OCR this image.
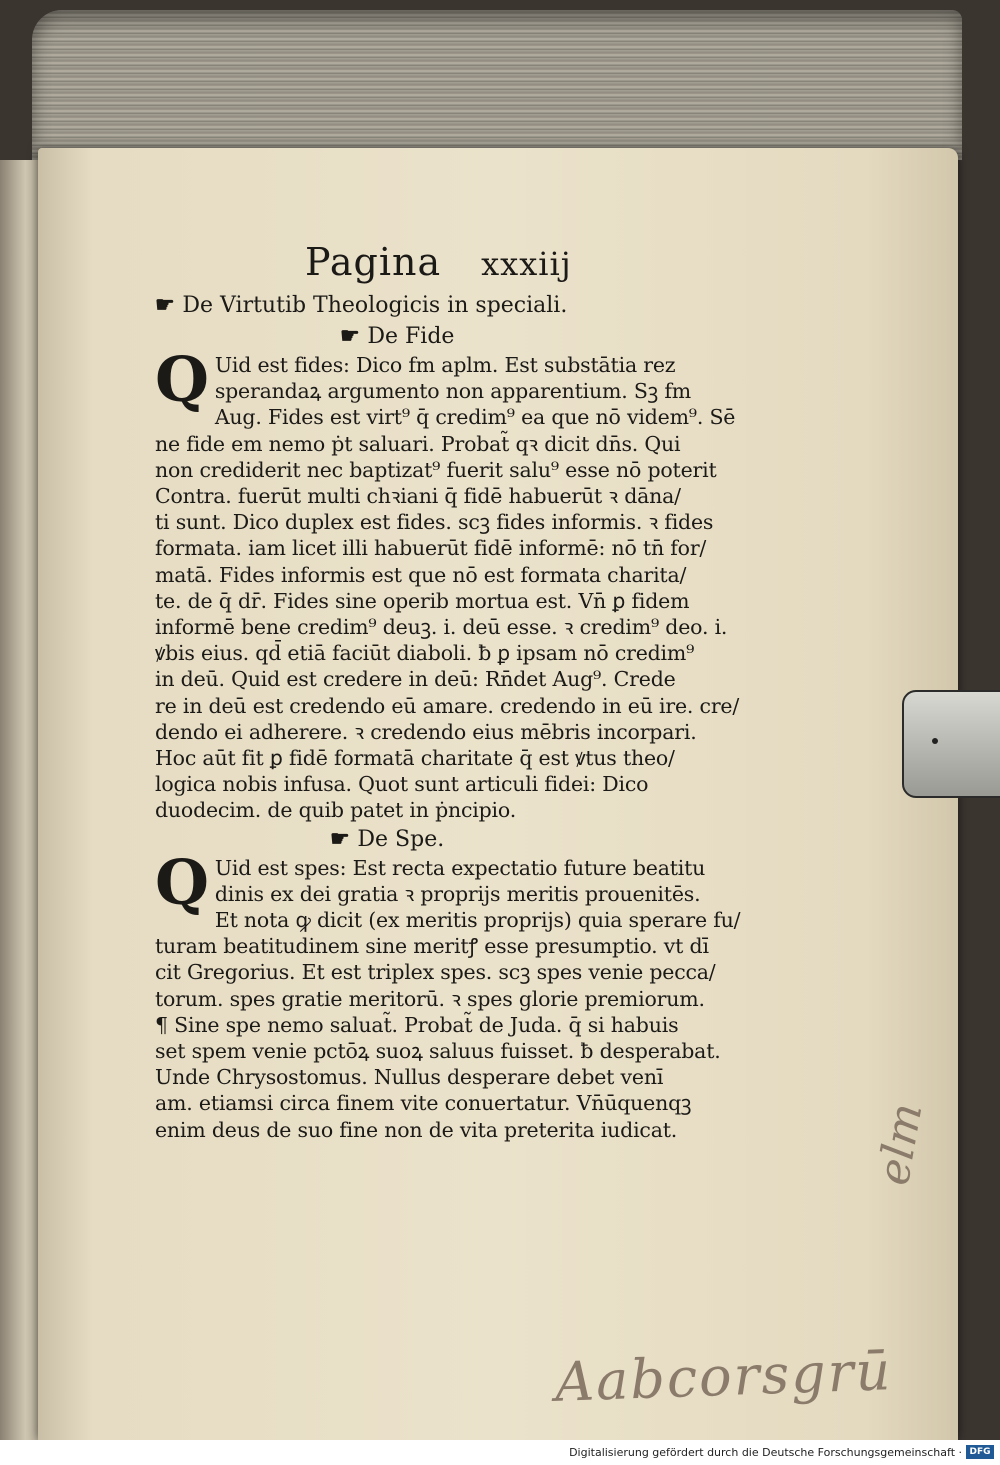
Pagina xxxiij
☛ De Virtutib Theologicis in speciali.
☛ De Fide
Q Uid est fides: Dico fm aplm. Est substātia rez
sperandaꝝ argumento non apparentium. Sꝫ fm
Aug. Fides est virt⁹ q̄ credim⁹ ea que nō videm⁹. Sē
ne fide em nemo ṗt saluari. Probat̃ qꝛ dicit dn̄s. Qui
non crediderit nec baptizat⁹ fuerit salu⁹ esse nō poterit
Contra. fuerūt multi chꝛiani q̄ fidē habuerūt ꝛ dāna/
ti sunt. Dico duplex est fides. scꝫ fides informis. ꝛ fides
formata. iam licet illi habuerūt fidē informē: nō tn̄ for/
matā. Fides informis est que nō est formata charita/
te. de q̄ dr̄. Fides sine operib mortua est. Vn̄ ꝑ fidem
informē bene credim⁹ deuꝫ. i. deū esse. ꝛ credim⁹ deo. i.
ꝟbis eius. qd̄ etiā faciūt diaboli. ƀ ꝑ ipsam nō credim⁹
in deū. Quid est credere in deū: Rn̄det Aug⁹. Crede
re in deū est credendo eū amare. credendo in eū ire. cre/
dendo ei adherere. ꝛ credendo eius mēbris incorpari.
Hoc aūt fit ꝑ fidē formatā charitate q̄ est ꝟtus theo/
logica nobis infusa. Quot sunt articuli fidei: Dico
duodecim. de quib patet in ṗncipio.
☛ De Spe.
Q Uid est spes: Est recta expectatio future beatitu
dinis ex dei gratia ꝛ proprijs meritis prouenitēs.
Et nota ꝙ dicit (ex meritis proprijs) quia sperare fu/
turam beatitudinem sine meritꝭ esse presumptio. vt dī
cit Gregorius. Et est triplex spes. scꝫ spes venie pecca/
torum. spes gratie meritorū. ꝛ spes glorie premiorum.
¶ Sine spe nemo saluat̃. Probat̃ de Juda. q̄ si habuis
set spem venie pctōꝝ suoꝝ saluus fuisset. ƀ desperabat.
Unde Chrysostomus. Nullus desperare debet venī
am. etiamsi circa finem vite conuertatur. Vn̄ūquenqꝫ
enim deus de suo fine non de vita preterita iudicat.	elm
Aabcorsgrū
Digitalisierung gefördert durch die Deutsche Forschungsgemeinschaft · DFG
